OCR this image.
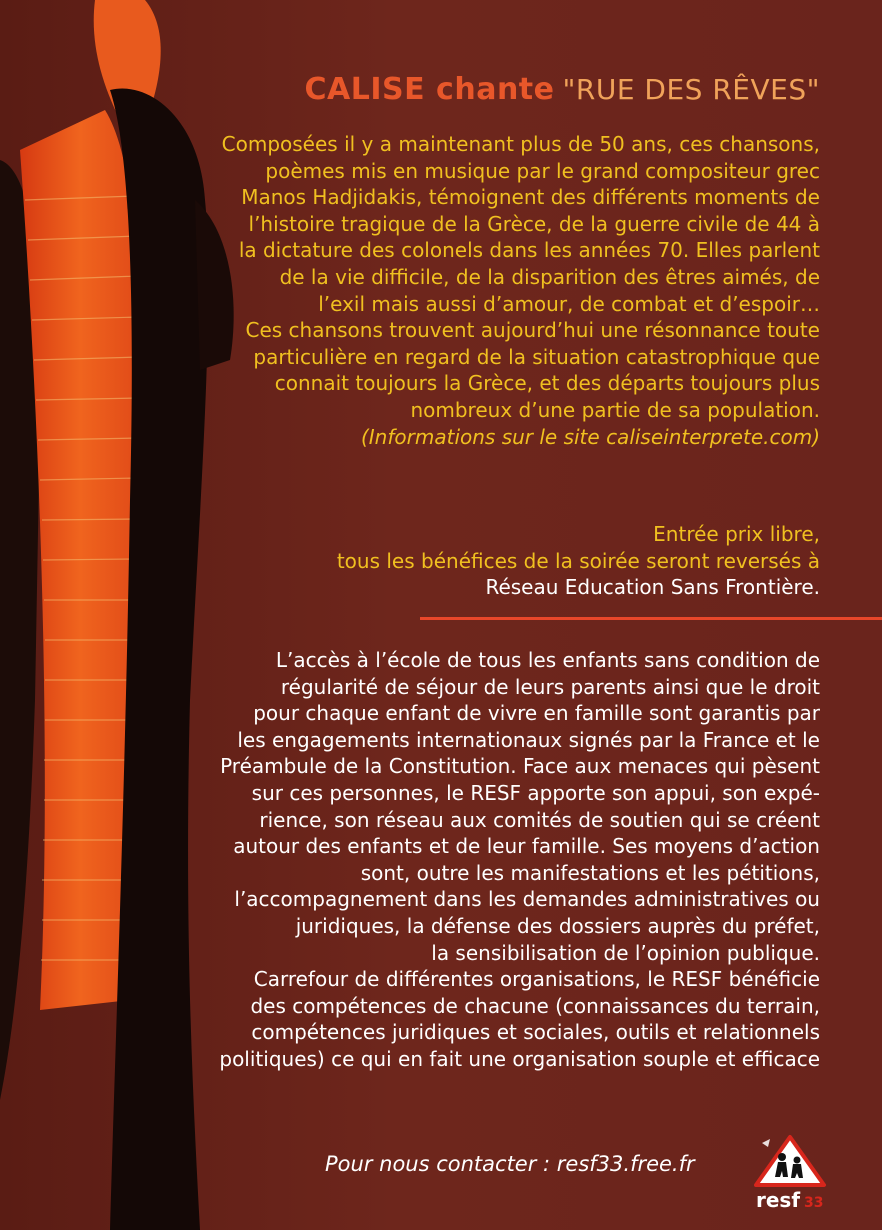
CALISE chante "RUE DES RÊVES"
Composées il y a maintenant plus de 50 ans, ces chansons,
poèmes mis en musique par le grand compositeur grec
Manos Hadjidakis, témoignent des différents moments de
l’histoire tragique de la Grèce, de la guerre civile de 44 à
la dictature des colonels dans les années 70. Elles parlent
de la vie difficile, de la disparition des êtres aimés, de
l’exil mais aussi d’amour, de combat et d’espoir…
Ces chansons trouvent aujourd’hui une résonnance toute
particulière en regard de la situation catastrophique que
connait toujours la Grèce, et des départs toujours plus
nombreux d’une partie de sa population.
(Informations sur le site caliseinterprete.com)
Entrée prix libre,
tous les bénéfices de la soirée seront reversés à
Réseau Education Sans Frontière.
L’accès à l’école de tous les enfants sans condition de
régularité de séjour de leurs parents ainsi que le droit
pour chaque enfant de vivre en famille sont garantis par
les engagements internationaux signés par la France et le
Préambule de la Constitution. Face aux menaces qui pèsent
sur ces personnes, le RESF apporte son appui, son expé-
rience, son réseau aux comités de soutien qui se créent
autour des enfants et de leur famille. Ses moyens d’action
sont, outre les manifestations et les pétitions,
l’accompagnement dans les demandes administratives ou
juridiques, la défense des dossiers auprès du préfet,
la sensibilisation de l’opinion publique.
Carrefour de différentes organisations, le RESF bénéficie
des compétences de chacune (connaissances du terrain,
compétences juridiques et sociales, outils et relationnels
politiques) ce qui en fait une organisation souple et efficace
Pour nous contacter : resf33.free.fr
resf 33
